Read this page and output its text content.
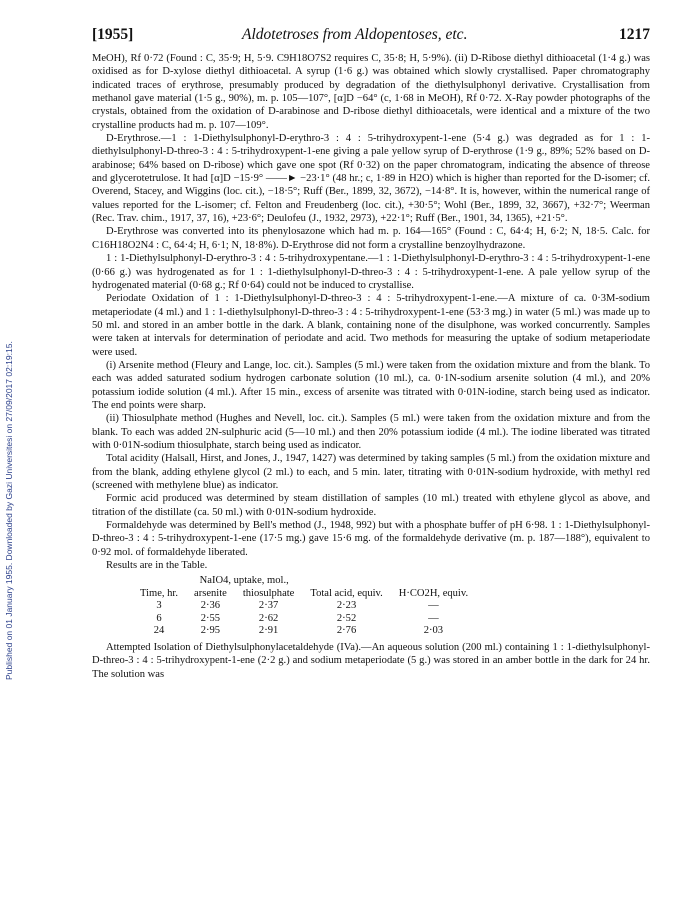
Published on 01 January 1955. Downloaded by Gazi Universitesi on 27/09/2017 02:19:15.
[1955]	Aldotetroses from Aldopentoses, etc.	1217

MeOH), Rf 0·72 (Found : C, 35·9; H, 5·9. C9H18O7S2 requires C, 35·8; H, 5·9%). (ii) D-Ribose diethyl dithioacetal (1·4 g.) was oxidised as for D-xylose diethyl dithioacetal. A syrup (1·6 g.) was obtained which slowly crystallised. Paper chromatography indicated traces of erythrose, presumably produced by degradation of the diethylsulphonyl derivative. Crystallisation from methanol gave material (1·5 g., 90%), m. p. 105—107°, [α]D −64° (c, 1·68 in MeOH), Rf 0·72. X-Ray powder photographs of the crystals, obtained from the oxidation of D-arabinose and D-ribose diethyl dithioacetals, were identical and a mixture of the two crystalline products had m. p. 107—109°.

D-Erythrose.—1 : 1-Diethylsulphonyl-D-erythro-3 : 4 : 5-trihydroxypent-1-ene (5·4 g.) was degraded as for 1 : 1-diethylsulphonyl-D-threo-3 : 4 : 5-trihydroxypent-1-ene giving a pale yellow syrup of D-erythrose (1·9 g., 89%; 52% based on D-arabinose; 64% based on D-ribose) which gave one spot (Rf 0·32) on the paper chromatogram, indicating the absence of threose and glycerotetrulose. It had [α]D −15·9° ——► −23·1° (48 hr.; c, 1·89 in H2O) which is higher than reported for the D-isomer; cf. Overend, Stacey, and Wiggins (loc. cit.), −18·5°; Ruff (Ber., 1899, 32, 3672), −14·8°. It is, however, within the numerical range of values reported for the L-isomer; cf. Felton and Freudenberg (loc. cit.), +30·5°; Wohl (Ber., 1899, 32, 3667), +32·7°; Weerman (Rec. Trav. chim., 1917, 37, 16), +23·6°; Deulofeu (J., 1932, 2973), +22·1°; Ruff (Ber., 1901, 34, 1365), +21·5°.

D-Erythrose was converted into its phenylosazone which had m. p. 164—165° (Found : C, 64·4; H, 6·2; N, 18·5. Calc. for C16H18O2N4 : C, 64·4; H, 6·1; N, 18·8%). D-Erythrose did not form a crystalline benzoylhydrazone.

1 : 1-Diethylsulphonyl-D-erythro-3 : 4 : 5-trihydroxypentane.—1 : 1-Diethylsulphonyl-D-erythro-3 : 4 : 5-trihydroxypent-1-ene (0·66 g.) was hydrogenated as for 1 : 1-diethylsulphonyl-D-threo-3 : 4 : 5-trihydroxypent-1-ene. A pale yellow syrup of the hydrogenated material (0·68 g.; Rf 0·64) could not be induced to crystallise.

Periodate Oxidation of 1 : 1-Diethylsulphonyl-D-threo-3 : 4 : 5-trihydroxypent-1-ene.—A mixture of ca. 0·3M-sodium metaperiodate (4 ml.) and 1 : 1-diethylsulphonyl-D-threo-3 : 4 : 5-trihydroxypent-1-ene (53·3 mg.) in water (5 ml.) was made up to 50 ml. and stored in an amber bottle in the dark. A blank, containing none of the disulphone, was worked concurrently. Samples were taken at intervals for determination of periodate and acid. Two methods for measuring the uptake of sodium metaperiodate were used.

(i) Arsenite method (Fleury and Lange, loc. cit.). Samples (5 ml.) were taken from the oxidation mixture and from the blank. To each was added saturated sodium hydrogen carbonate solution (10 ml.), ca. 0·1N-sodium arsenite solution (4 ml.), and 20% potassium iodide solution (4 ml.). After 15 min., excess of arsenite was titrated with 0·01N-iodine, starch being used as indicator. The end points were sharp.

(ii) Thiosulphate method (Hughes and Nevell, loc. cit.). Samples (5 ml.) were taken from the oxidation mixture and from the blank. To each was added 2N-sulphuric acid (5—10 ml.) and then 20% potassium iodide (4 ml.). The iodine liberated was titrated with 0·01N-sodium thiosulphate, starch being used as indicator.

Total acidity (Halsall, Hirst, and Jones, J., 1947, 1427) was determined by taking samples (5 ml.) from the oxidation mixture and from the blank, adding ethylene glycol (2 ml.) to each, and 5 min. later, titrating with 0·01N-sodium hydroxide, with methyl red (screened with methylene blue) as indicator.

Formic acid produced was determined by steam distillation of samples (10 ml.) treated with ethylene glycol as above, and titration of the distillate (ca. 50 ml.) with 0·01N-sodium hydroxide.

Formaldehyde was determined by Bell's method (J., 1948, 992) but with a phosphate buffer of pH 6·98. 1 : 1-Diethylsulphonyl-D-threo-3 : 4 : 5-trihydroxypent-1-ene (17·5 mg.) gave 15·6 mg. of the formaldehyde derivative (m. p. 187—188°), equivalent to 0·92 mol. of formaldehyde liberated.

Results are in the Table.

	NaIO4, uptake, mol.,			
Time, hr.	arsenite	thiosulphate	Total acid, equiv.	H·CO2H, equiv.
3	2·36	2·37	2·23	—
6	2·55	2·62	2·52	—
24	2·95	2·91	2·76	2·03

Attempted Isolation of Diethylsulphonylacetaldehyde (IVa).—An aqueous solution (200 ml.) containing 1 : 1-diethylsulphonyl-D-threo-3 : 4 : 5-trihydroxypent-1-ene (2·2 g.) and sodium metaperiodate (5 g.) was stored in an amber bottle in the dark for 24 hr. The solution was
